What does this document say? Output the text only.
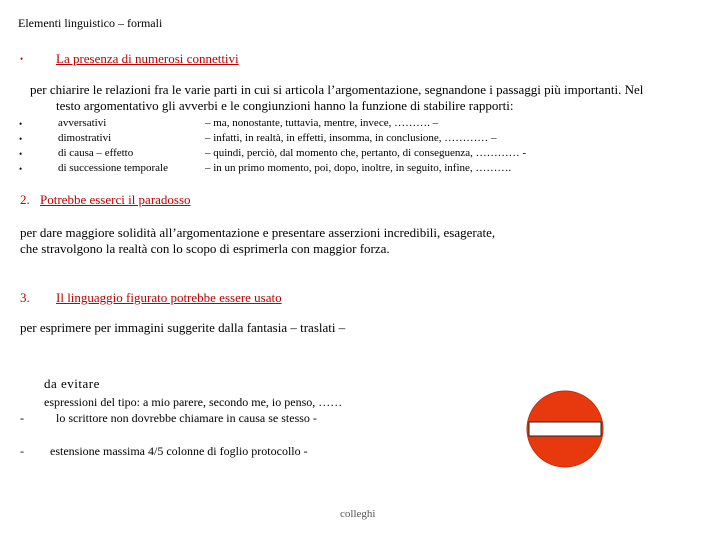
Elementi linguistico – formali
•	La presenza di numerosi connettivi
per chiarire le relazioni fra le varie parti in cui si articola l’argomentazione, segnandone i passaggi più importanti. Nel
testo argomentativo gli avverbi e le congiunzioni hanno la funzione di stabilire rapporti:
•	avversativi	– ma, nonostante, tuttavia, mentre, invece, ………. –
•	dimostrativi	– infatti, in realtà, in effetti, insomma, in conclusione, ………… –
•	di causa – effetto	– quindi, perciò, dal momento che, pertanto, di conseguenza, ………… -
•	di successione temporale	– in un primo momento, poi, dopo, inoltre, in seguito, infine, ……….
2. Potrebbe esserci il paradosso
per dare maggiore solidità all’argomentazione e presentare asserzioni incredibili, esagerate,
che stravolgono la realtà con lo scopo di esprimerla con maggior forza.
3. Il linguaggio figurato potrebbe essere usato
per esprimere per immagini suggerite dalla fantasia – traslati –
da evitare
espressioni del tipo: a mio parere, secondo me, io penso, ……
-	lo scrittore non dovrebbe chiamare in causa se stesso -
- estensione massima 4/5 colonne di foglio protocollo -
colleghi
